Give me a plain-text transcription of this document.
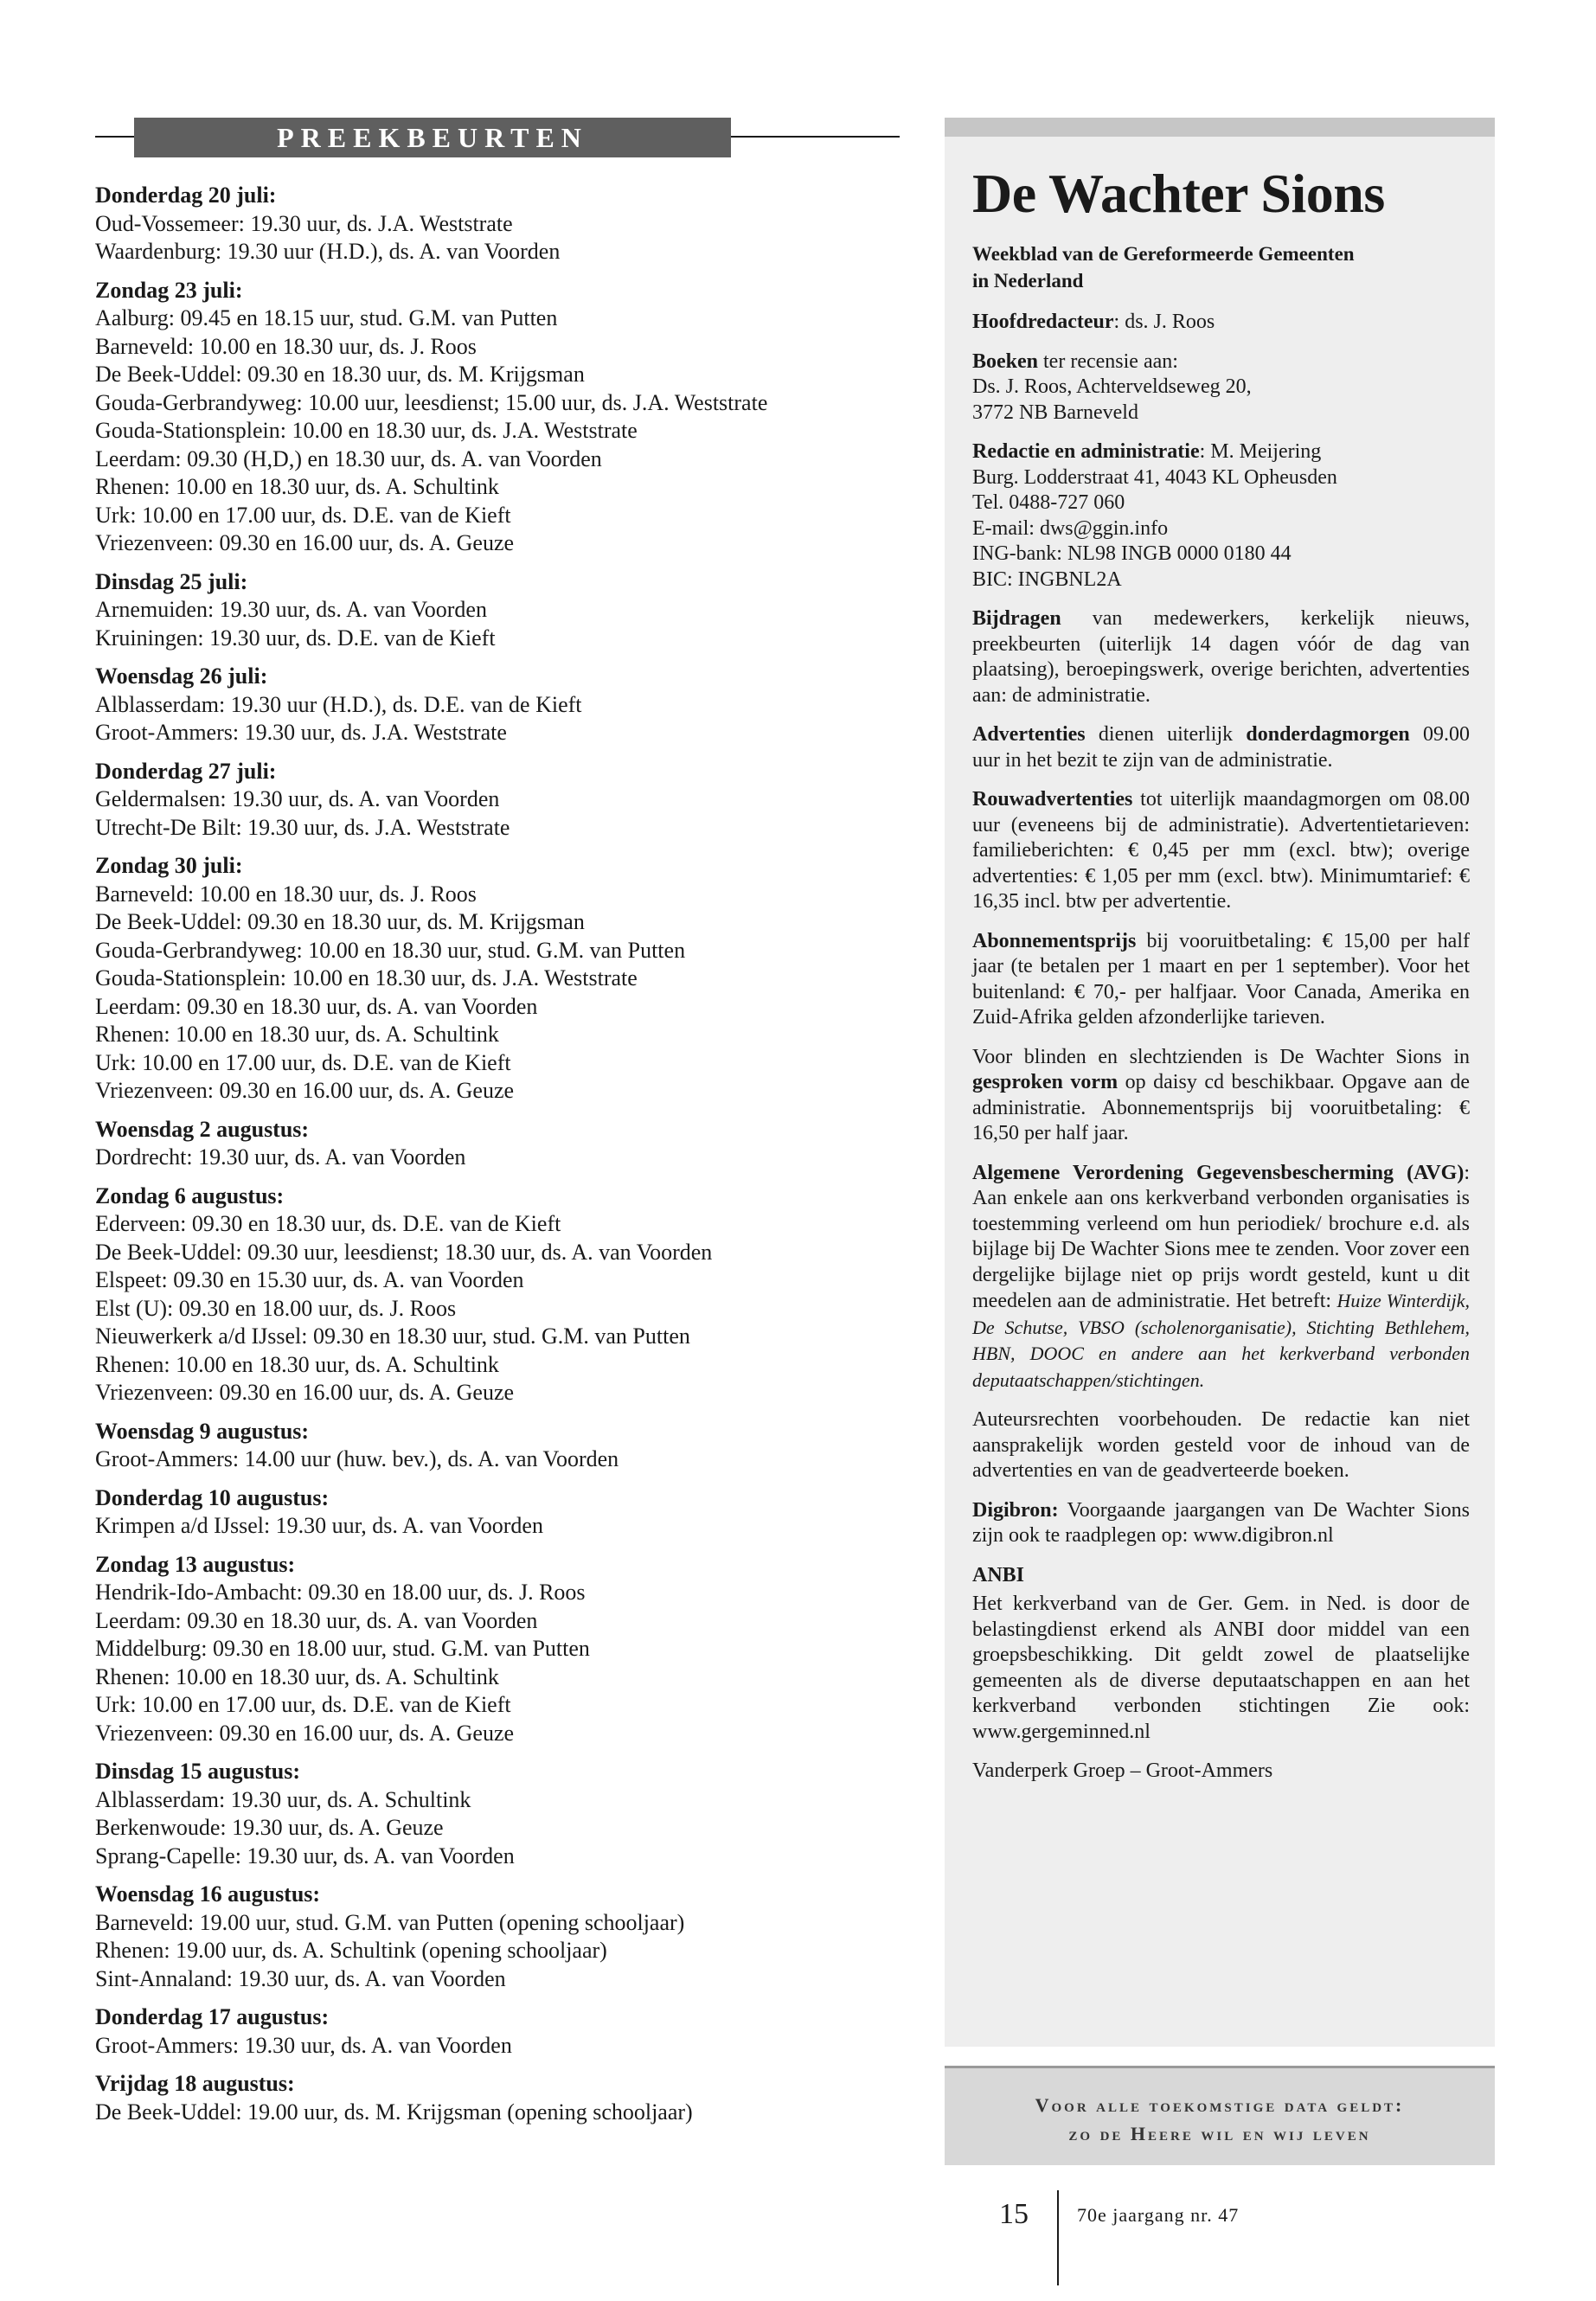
PREEKBEURTEN
Donderdag 20 juli:
Oud-Vossemeer: 19.30 uur, ds. J.A. Weststrate
Waardenburg: 19.30 uur (H.D.), ds. A. van Voorden
Zondag 23 juli:
Aalburg: 09.45 en 18.15 uur, stud. G.M. van Putten
Barneveld: 10.00 en 18.30 uur, ds. J. Roos
De Beek-Uddel: 09.30 en 18.30 uur, ds. M. Krijgsman
Gouda-Gerbrandyweg: 10.00 uur, leesdienst; 15.00 uur, ds. J.A. Weststrate
Gouda-Stationsplein: 10.00 en 18.30 uur, ds. J.A. Weststrate
Leerdam: 09.30 (H,D,) en 18.30 uur, ds. A. van Voorden
Rhenen: 10.00 en 18.30 uur, ds. A. Schultink
Urk: 10.00 en 17.00 uur, ds. D.E. van de Kieft
Vriezenveen: 09.30 en 16.00 uur, ds. A. Geuze
Dinsdag 25 juli:
Arnemuiden: 19.30 uur, ds. A. van Voorden
Kruiningen: 19.30 uur, ds. D.E. van de Kieft
Woensdag 26 juli:
Alblasserdam: 19.30 uur (H.D.), ds. D.E. van de Kieft
Groot-Ammers: 19.30 uur, ds. J.A. Weststrate
Donderdag 27 juli:
Geldermalsen: 19.30 uur, ds. A. van Voorden
Utrecht-De Bilt: 19.30 uur, ds. J.A. Weststrate
Zondag 30 juli:
Barneveld: 10.00 en 18.30 uur, ds. J. Roos
De Beek-Uddel: 09.30 en 18.30 uur, ds. M. Krijgsman
Gouda-Gerbrandyweg: 10.00 en 18.30 uur, stud. G.M. van Putten
Gouda-Stationsplein: 10.00 en 18.30 uur, ds. J.A. Weststrate
Leerdam: 09.30 en 18.30 uur, ds. A. van Voorden
Rhenen: 10.00 en 18.30 uur, ds. A. Schultink
Urk: 10.00 en 17.00 uur, ds. D.E. van de Kieft
Vriezenveen: 09.30 en 16.00 uur, ds. A. Geuze
Woensdag 2 augustus:
Dordrecht: 19.30 uur, ds. A. van Voorden
Zondag 6 augustus:
Ederveen: 09.30 en 18.30 uur, ds. D.E. van de Kieft
De Beek-Uddel: 09.30 uur, leesdienst; 18.30 uur, ds. A. van Voorden
Elspeet: 09.30 en 15.30 uur, ds. A. van Voorden
Elst (U): 09.30 en 18.00 uur, ds. J. Roos
Nieuwerkerk a/d IJssel: 09.30 en 18.30 uur, stud. G.M. van Putten
Rhenen: 10.00 en 18.30 uur, ds. A. Schultink
Vriezenveen: 09.30 en 16.00 uur, ds. A. Geuze
Woensdag 9 augustus:
Groot-Ammers: 14.00 uur (huw. bev.), ds. A. van Voorden
Donderdag 10 augustus:
Krimpen a/d IJssel: 19.30 uur, ds. A. van Voorden
Zondag 13 augustus:
Hendrik-Ido-Ambacht: 09.30 en 18.00 uur, ds. J. Roos
Leerdam: 09.30 en 18.30 uur, ds. A. van Voorden
Middelburg: 09.30 en 18.00 uur, stud. G.M. van Putten
Rhenen: 10.00 en 18.30 uur, ds. A. Schultink
Urk: 10.00 en 17.00 uur, ds. D.E. van de Kieft
Vriezenveen: 09.30 en 16.00 uur, ds. A. Geuze
Dinsdag 15 augustus:
Alblasserdam: 19.30 uur, ds. A. Schultink
Berkenwoude: 19.30 uur, ds. A. Geuze
Sprang-Capelle: 19.30 uur, ds. A. van Voorden
Woensdag 16 augustus:
Barneveld: 19.00 uur, stud. G.M. van Putten (opening schooljaar)
Rhenen: 19.00 uur, ds. A. Schultink (opening schooljaar)
Sint-Annaland: 19.30 uur, ds. A. van Voorden
Donderdag 17 augustus:
Groot-Ammers: 19.30 uur, ds. A. van Voorden
Vrijdag 18 augustus:
De Beek-Uddel: 19.00 uur, ds. M. Krijgsman (opening schooljaar)
De Wachter Sions
Weekblad van de Gereformeerde Gemeenten
in Nederland
Hoofdredacteur: ds. J. Roos
Boeken ter recensie aan:
Ds. J. Roos, Achterveldseweg 20,
3772 NB Barneveld
Redactie en administratie: M. Meijering
Burg. Lodderstraat 41, 4043 KL Opheusden
Tel. 0488-727 060
E-mail: dws@ggin.info
ING-bank: NL98 INGB 0000 0180 44
BIC: INGBNL2A
Bijdragen van medewerkers, kerkelijk nieuws, preekbeurten (uiterlijk 14 dagen vóór de dag van plaatsing), beroepingswerk, overige berichten, advertenties aan: de administratie.
Advertenties dienen uiterlijk donderdagmorgen 09.00 uur in het bezit te zijn van de administratie.
Rouwadvertenties tot uiterlijk maandagmorgen om 08.00 uur (eveneens bij de administratie). Advertentietarieven: familieberichten: € 0,45 per mm (excl. btw); overige advertenties: € 1,05 per mm (excl. btw). Minimumtarief: € 16,35 incl. btw per advertentie.
Abonnementsprijs bij vooruitbetaling: € 15,00 per half jaar (te betalen per 1 maart en per 1 september). Voor het buitenland: € 70,- per halfjaar. Voor Canada, Amerika en Zuid-Afrika gelden afzonderlijke tarieven.
Voor blinden en slechtzienden is De Wachter Sions in gesproken vorm op daisy cd beschikbaar. Opgave aan de administratie. Abonnementsprijs bij vooruitbetaling: € 16,50 per half jaar.
Algemene Verordening Gegevensbescherming (AVG): Aan enkele aan ons kerkverband verbonden organisaties is toestemming verleend om hun periodiek/ brochure e.d. als bijlage bij De Wachter Sions mee te zenden. Voor zover een dergelijke bijlage niet op prijs wordt gesteld, kunt u dit meedelen aan de administratie. Het betreft: Huize Winterdijk, De Schutse, VBSO (scholenorganisatie), Stichting Bethlehem, HBN, DOOC en andere aan het kerkverband verbonden deputaatschappen/stichtingen.
Auteursrechten voorbehouden. De redactie kan niet aansprakelijk worden gesteld voor de inhoud van de advertenties en van de geadverteerde boeken.
Digibron: Voorgaande jaargangen van De Wachter Sions zijn ook te raadplegen op: www.digibron.nl
ANBI
Het kerkverband van de Ger. Gem. in Ned. is door de belastingdienst erkend als ANBI door middel van een groepsbeschikking. Dit geldt zowel de plaatselijke gemeenten als de diverse deputaatschappen en aan het kerkverband verbonden stichtingen Zie ook: www.gergeminned.nl
Vanderperk Groep – Groot-Ammers
Voor alle toekomstige data geldt:
zo de Heere wil en wij leven
15	70e jaargang nr. 47
